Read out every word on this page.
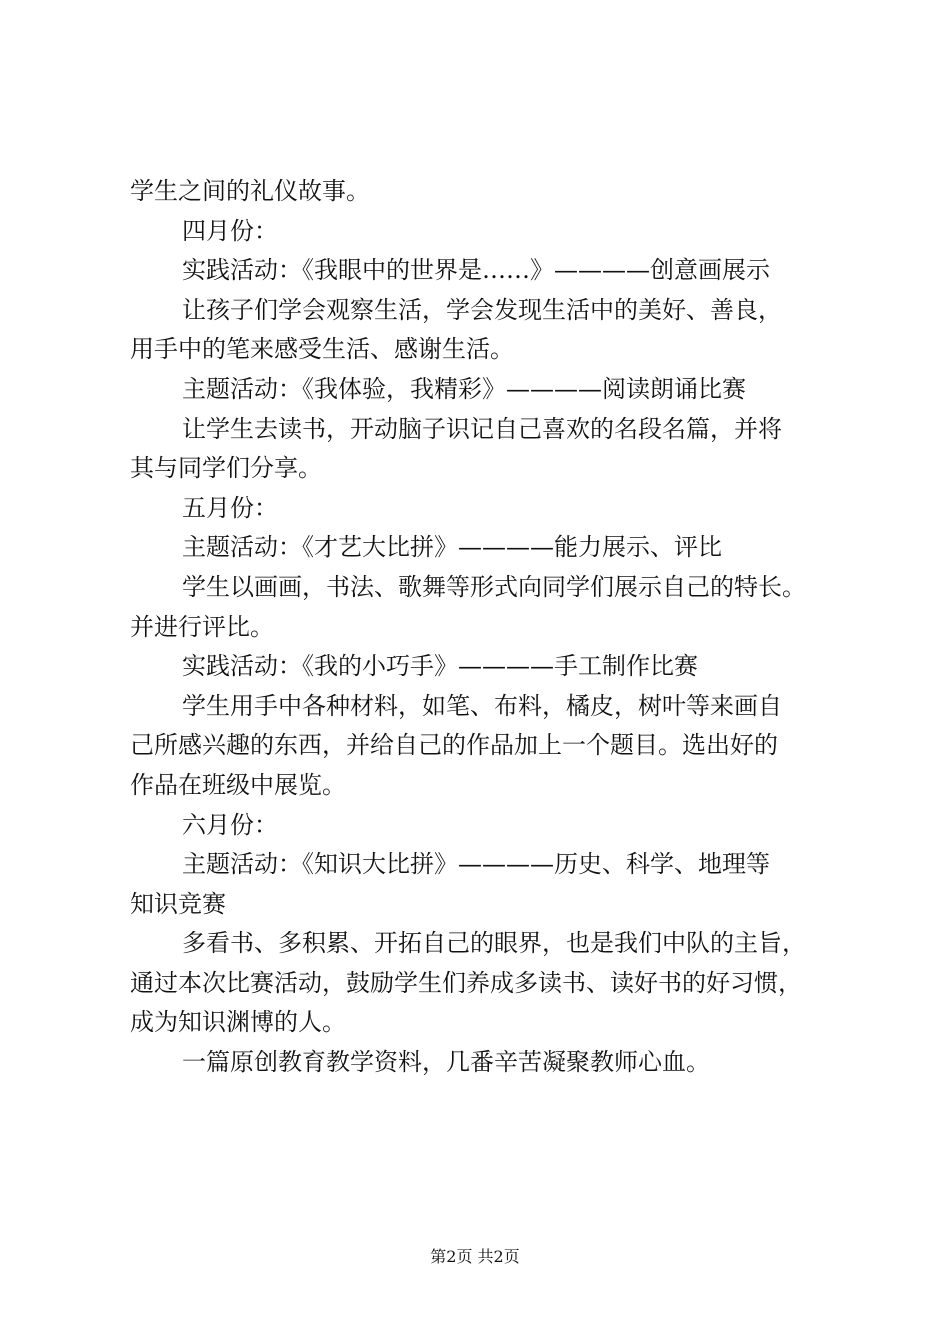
学生之间的礼仪故事。
四月份：
实践活动：《我眼中的世界是……》————创意画展示
让孩子们学会观察生活，学会发现生活中的美好、善良，
用手中的笔来感受生活、感谢生活。
主题活动：《我体验，我精彩》————阅读朗诵比赛
让学生去读书，开动脑子识记自己喜欢的名段名篇，并将
其与同学们分享。
五月份：
主题活动：《才艺大比拼》————能力展示、评比
学生以画画，书法、歌舞等形式向同学们展示自己的特长。
并进行评比。
实践活动：《我的小巧手》————手工制作比赛
学生用手中各种材料，如笔、布料，橘皮，树叶等来画自
己所感兴趣的东西，并给自己的作品加上一个题目。选出好的
作品在班级中展览。
六月份：
主题活动：《知识大比拼》————历史、科学、地理等
知识竞赛
多看书、多积累、开拓自己的眼界，也是我们中队的主旨，
通过本次比赛活动，鼓励学生们养成多读书、读好书的好习惯，
成为知识渊博的人。
一篇原创教育教学资料，几番辛苦凝聚教师心血。
第2页 共2页
